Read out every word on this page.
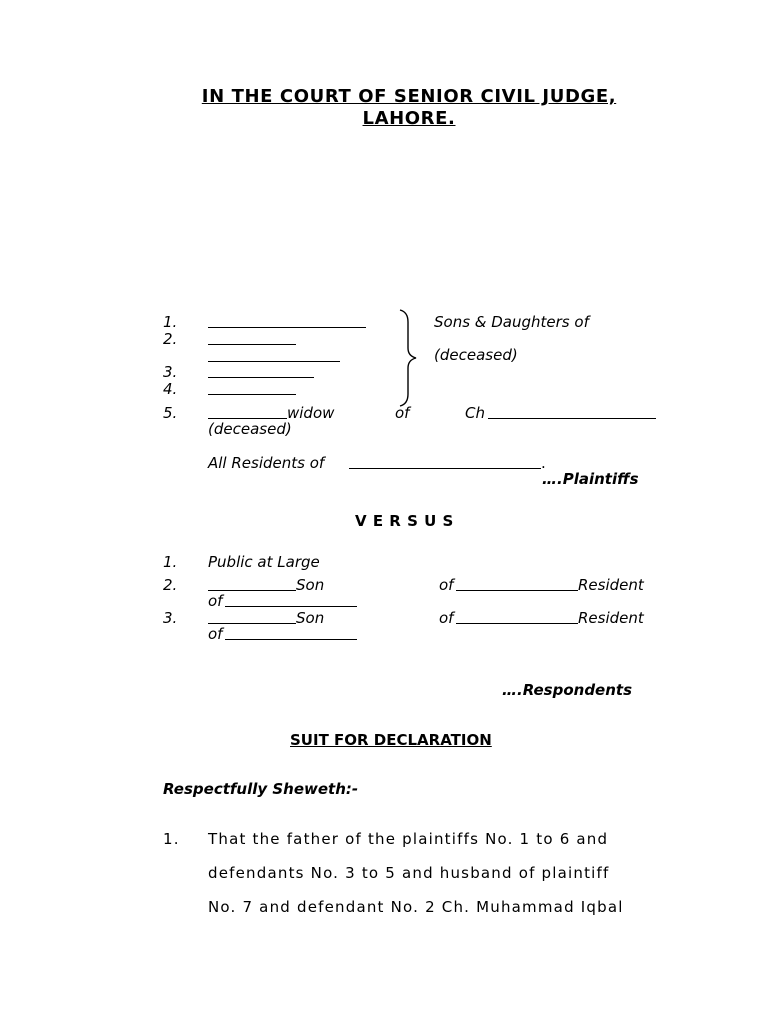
IN THE COURT OF SENIOR CIVIL JUDGE,
LAHORE.
1.
2.
3.
4.
5.
Sons & Daughters of
(deceased)
widow	of	Ch
(deceased)
All Residents of	.
….Plaintiffs
V E R S U S
1. Public at Large
2.	Son	of	Resident
of
3.	Son	of	Resident
of
….Respondents
SUIT FOR DECLARATION
Respectfully Sheweth:-
1. That the father of the plaintiffs No. 1 to 6 and
defendants No. 3 to 5 and husband of plaintiff
No. 7 and defendant No. 2 Ch. Muhammad Iqbal
